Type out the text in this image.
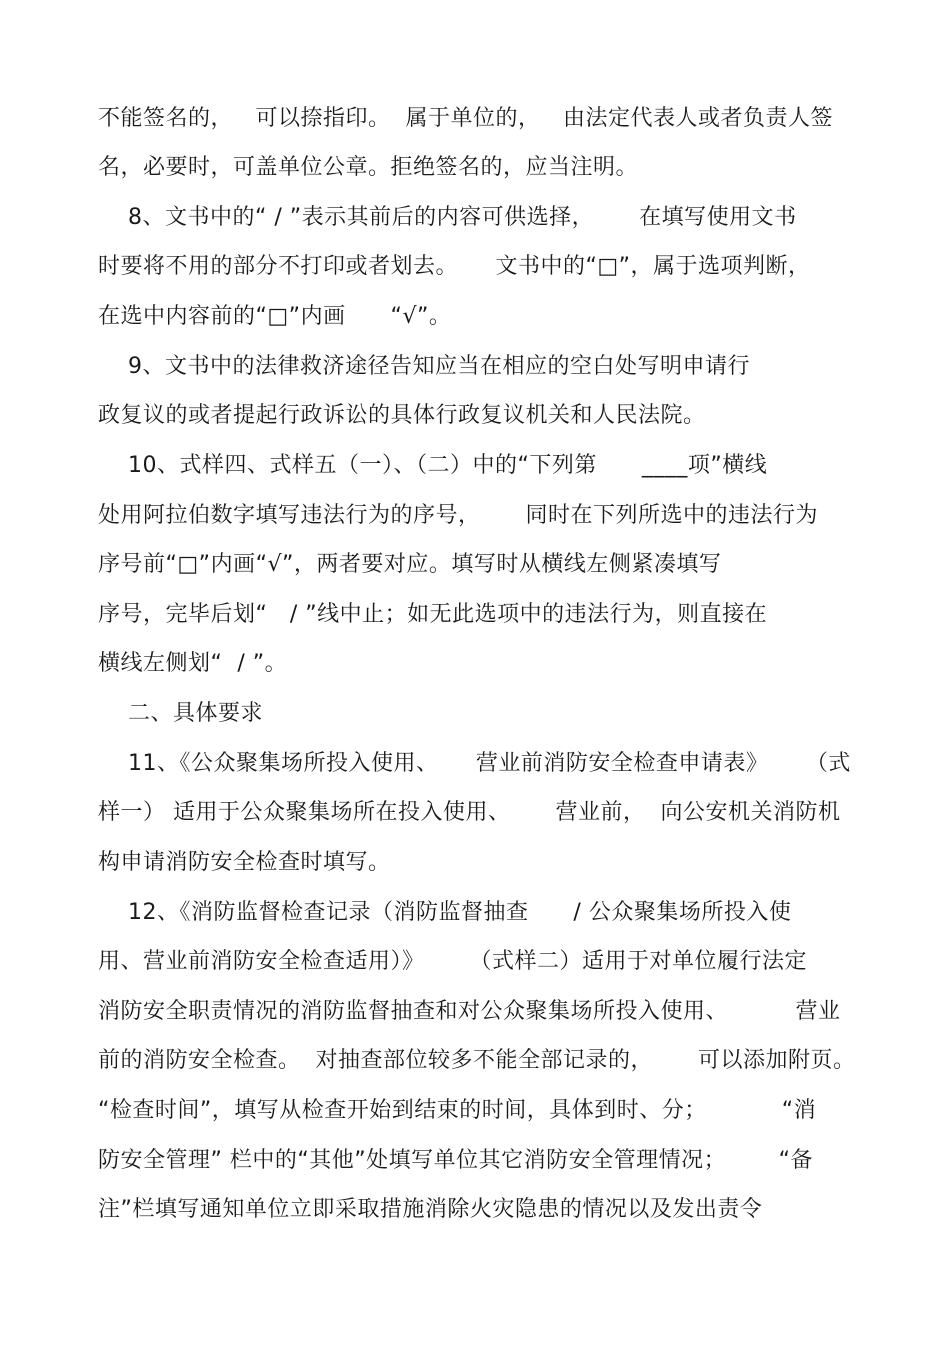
不能签名的，   可以捺指印。  属于单位的，   由法定代表人或者负责人签
名，必要时，可盖单位公章。拒绝签名的，应当注明。
8、文书中的“ / ”表示其前后的内容可供选择，      在填写使用文书
时要将不用的部分不打印或者划去。     文书中的“□”，属于选项判断，
在选中内容前的“□”内画      “√”。
9、文书中的法律救济途径告知应当在相应的空白处写明申请行
政复议的或者提起行政诉讼的具体行政复议机关和人民法院。
10、式样四、式样五（一）、（二）中的“下列第      ____项”横线
处用阿拉伯数字填写违法行为的序号，      同时在下列所选中的违法行为
序号前“□”内画“√”，两者要对应。填写时从横线左侧紧凑填写
序号，完毕后划“   / ”线中止；如无此选项中的违法行为，则直接在
横线左侧划“  / ”。
二、具体要求
11、《公众聚集场所投入使用、     营业前消防安全检查申请表》     （式
样一） 适用于公众聚集场所在投入使用、      营业前，  向公安机关消防机
构申请消防安全检查时填写。
12、《消防监督检查记录（消防监督抽查      / 公众聚集场所投入使
用、营业前消防安全检查适用）》      （式样二）适用于对单位履行法定
消防安全职责情况的消防监督抽查和对公众聚集场所投入使用、         营业
前的消防安全检查。  对抽查部位较多不能全部记录的，      可以添加附页。
“检查时间”，填写从检查开始到结束的时间，具体到时、分；          “消
防安全管理” 栏中的“其他”处填写单位其它消防安全管理情况；       “备
注”栏填写通知单位立即采取措施消除火灾隐患的情况以及发出责令
